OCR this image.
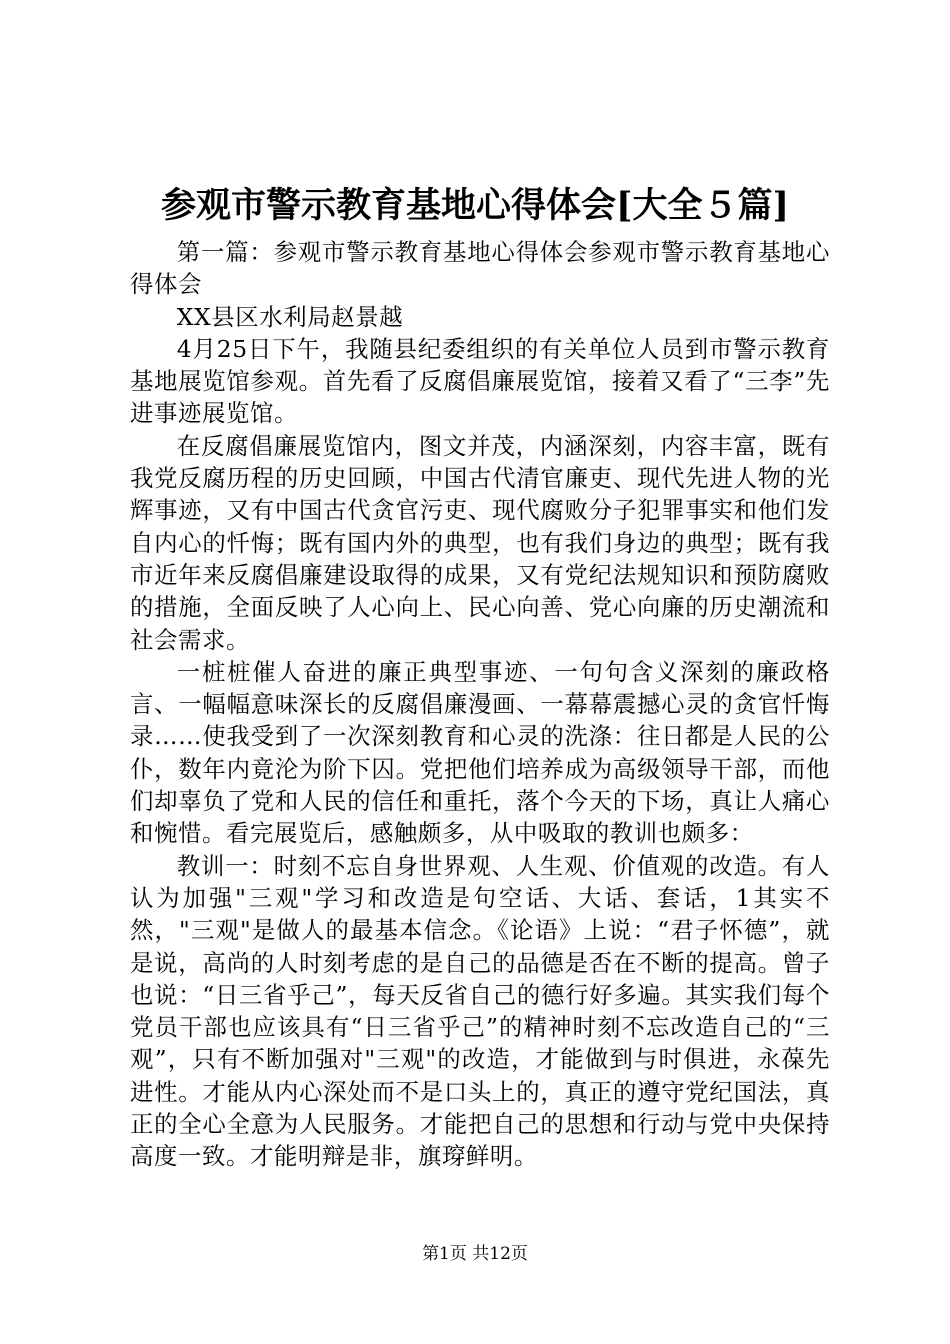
参观市警示教育基地心得体会[大全５篇]

第一篇：参观市警示教育基地心得体会参观市警示教育基地心得体会

XX县区水利局赵景越

4月25日下午，我随县纪委组织的有关单位人员到市警示教育基地展览馆参观。首先看了反腐倡廉展览馆，接着又看了“三李”先进事迹展览馆。

在反腐倡廉展览馆内，图文并茂，内涵深刻，内容丰富，既有我党反腐历程的历史回顾，中国古代清官廉吏、现代先进人物的光辉事迹，又有中国古代贪官污吏、现代腐败分子犯罪事实和他们发自内心的忏悔；既有国内外的典型，也有我们身边的典型；既有我市近年来反腐倡廉建设取得的成果，又有党纪法规知识和预防腐败的措施，全面反映了人心向上、民心向善、党心向廉的历史潮流和社会需求。

一桩桩催人奋进的廉正典型事迹、一句句含义深刻的廉政格言、一幅幅意味深长的反腐倡廉漫画、一幕幕震撼心灵的贪官忏悔录……使我受到了一次深刻教育和心灵的洗涤：往日都是人民的公仆，数年内竟沦为阶下囚。党把他们培养成为高级领导干部，而他们却辜负了党和人民的信任和重托，落个今天的下场，真让人痛心和惋惜。看完展览后，感触颇多，从中吸取的教训也颇多：

教训一：时刻不忘自身世界观、人生观、价值观的改造。有人认为加强"三观"学习和改造是句空话、大话、套话，1其实不然，"三观"是做人的最基本信念。《论语》上说：“君子怀德”，就是说，高尚的人时刻考虑的是自己的品德是否在不断的提高。曾子也说：“日三省乎己”，每天反省自己的德行好多遍。其实我们每个党员干部也应该具有“日三省乎己”的精神时刻不忘改造自己的“三观”，只有不断加强对"三观"的改造，才能做到与时俱进，永葆先进性。才能从内心深处而不是口头上的，真正的遵守党纪国法，真正的全心全意为人民服务。才能把自己的思想和行动与党中央保持高度一致。才能明辩是非，旗瑏鲜明。

第1页 共12页
